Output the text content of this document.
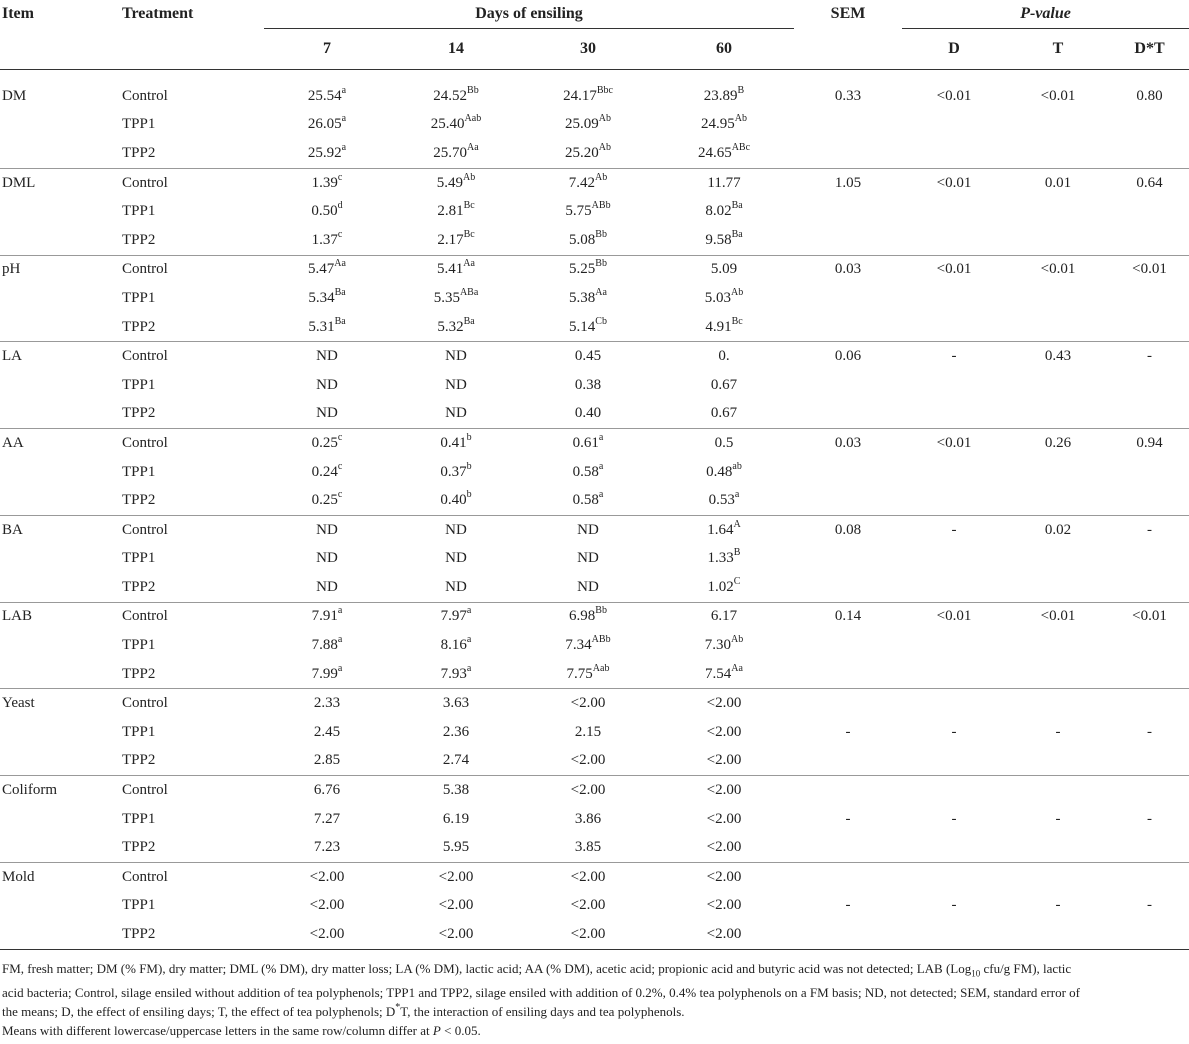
Item	Treatment	Days of ensiling				SEM	P-value		
		7	14	30	60		D	T	D*T

DM	Control	25.54$^a$	$24.52^{Bb}$	$24.17^{Bbc}$	$23.89^B$	0.33	<0.01	<0.01	0.80
	TPP1	26.05$^a$	$25.40^{Aab}$	$25.09^{Ab}$	$24.95^{Ab}$				
	TPP2	25.92$^a$	$25.70^{Aa}$	$25.20^{Ab}$	$24.65^{ABc}$				
DML	Control	1.39$^c$	$5.49^{Ab}$	$7.42^{Ab}$	11.77	1.05	<0.01	0.01	0.64
	TPP1	0.50$^d$	$2.81^{Bc}$	$5.75^{ABb}$	$8.02^{Ba}$				
	TPP2	1.37$^c$	$2.17^{Bc}$	$5.08^{Bb}$	$9.58^{Ba}$				
pH	Control	$5.47^{Aa}$	$5.41^{Aa}$	$5.25^{Bb}$	5.09	0.03	<0.01	<0.01	<0.01
	TPP1	$5.34^{Ba}$	$5.35^{ABa}$	$5.38^{Aa}$	$5.03^{Ab}$				
	TPP2	$5.31^{Ba}$	$5.32^{Ba}$	$5.14^{Cb}$	$4.91^{Bc}$				
LA	Control	ND	ND	0.45	0.	0.06	-	0.43	-
	TPP1	ND	ND	0.38	0.67				
	TPP2	ND	ND	0.40	0.67				
AA	Control	0.25$^c$	0.41$^b$	0.61$^a$	0.5	0.03	<0.01	0.26	0.94
	TPP1	0.24$^c$	0.37$^b$	0.58$^a$	0.48$^{ab}$				
	TPP2	0.25$^c$	0.40$^b$	0.58$^a$	0.53$^a$				
BA	Control	ND	ND	ND	$1.64^A$	0.08	-	0.02	-
	TPP1	ND	ND	ND	$1.33^B$				
	TPP2	ND	ND	ND	$1.02^C$				
LAB	Control	7.91$^a$	7.97$^a$	$6.98^{Bb}$	6.17	0.14	<0.01	<0.01	<0.01
	TPP1	7.88$^a$	8.16$^a$	$7.34^{ABb}$	$7.30^{Ab}$				
	TPP2	7.99$^a$	7.93$^a$	$7.75^{Aab}$	$7.54^{Aa}$				
Yeast	Control	2.33	3.63	<2.00	<2.00				
	TPP1	2.45	2.36	2.15	<2.00	-	-	-	-
	TPP2	2.85	2.74	<2.00	<2.00				
Coliform	Control	6.76	5.38	<2.00	<2.00				
	TPP1	7.27	6.19	3.86	<2.00	-	-	-	-
	TPP2	7.23	5.95	3.85	<2.00				
Mold	Control	<2.00	<2.00	<2.00	<2.00				
	TPP1	<2.00	<2.00	<2.00	<2.00	-	-	-	-
	TPP2	<2.00	<2.00	<2.00	<2.00				

FM, fresh matter; DM (% FM), dry matter; DML (% DM), dry matter loss; LA (% DM), lactic acid; AA (% DM), acetic acid; propionic acid and butyric acid was not detected; LAB (Log$_{10}$ cfu/g FM), lactic acid bacteria; Control, silage ensiled without addition of tea polyphenols; TPP1 and TPP2, silage ensiled with addition of 0.2%, 0.4% tea polyphenols on a FM basis; ND, not detected; SEM, standard error of the means; D, the effect of ensiling days; T, the effect of tea polyphenols; D*T, the interaction of ensiling days and tea polyphenols.

Means with different lowercase/uppercase letters in the same row/column differ at P < 0.05.
